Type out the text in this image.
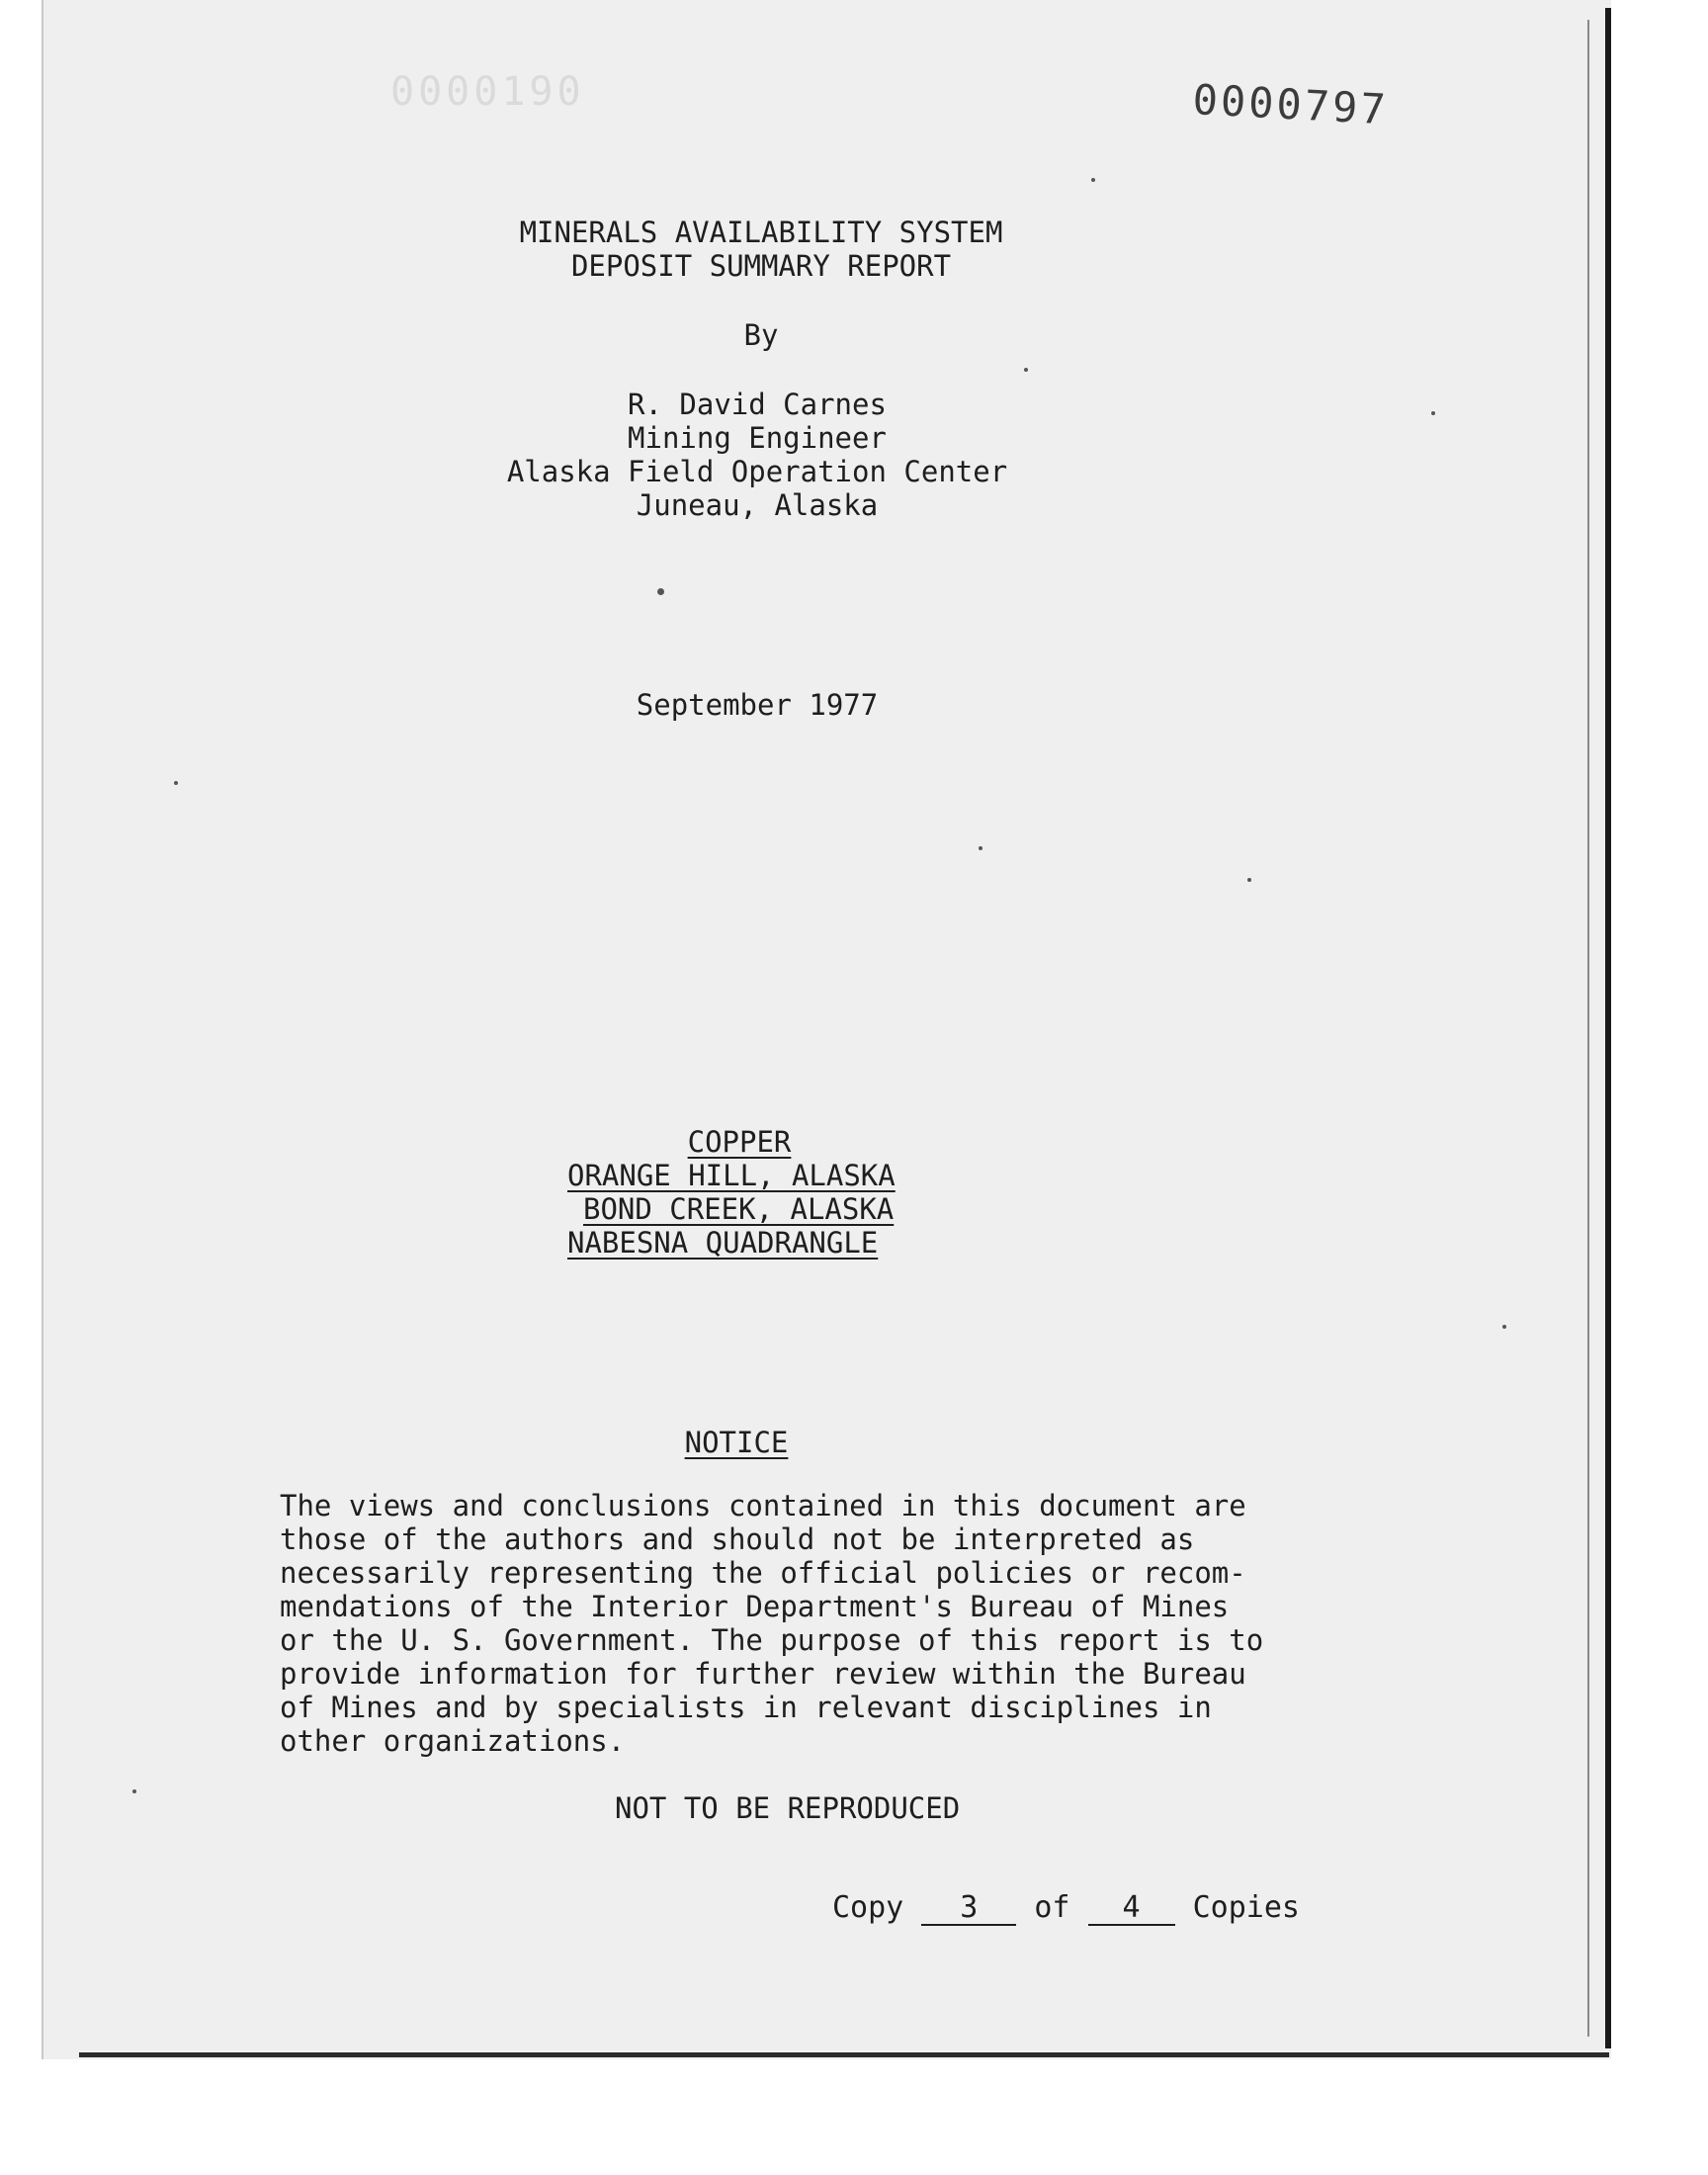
0000190	0000797
MINERALS AVAILABILITY SYSTEM
DEPOSIT SUMMARY REPORT
By
R. David Carnes
Mining Engineer
Alaska Field Operation Center
Juneau, Alaska
September 1977
COPPER
ORANGE HILL, ALASKA
BOND CREEK, ALASKA
NABESNA QUADRANGLE
NOTICE
The views and conclusions contained in this document are
those of the authors and should not be interpreted as
necessarily representing the official policies or recom-
mendations of the Interior Department's Bureau of Mines
or the U. S. Government. The purpose of this report is to
provide information for further review within the Bureau
of Mines and by specialists in relevant disciplines in
other organizations.
NOT TO BE REPRODUCED
Copy 3 of 4 Copies
